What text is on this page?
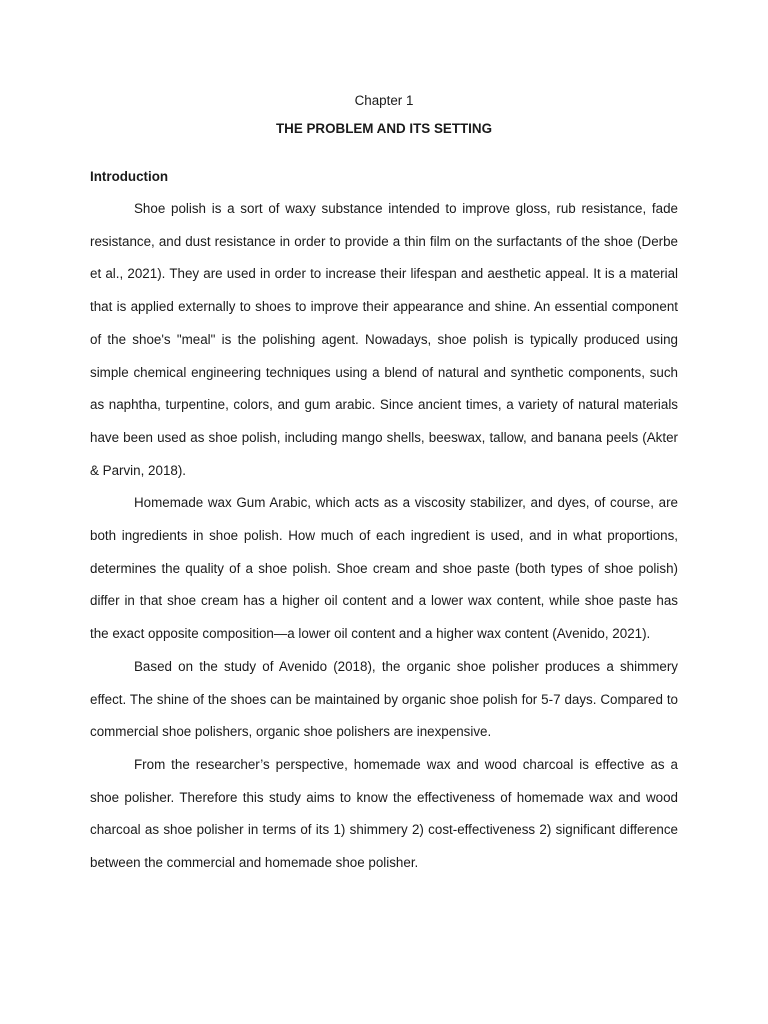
Chapter 1

THE PROBLEM AND ITS SETTING

Introduction

Shoe polish is a sort of waxy substance intended to improve gloss, rub resistance, fade resistance, and dust resistance in order to provide a thin film on the surfactants of the shoe (Derbe et al., 2021). They are used in order to increase their lifespan and aesthetic appeal. It is a material that is applied externally to shoes to improve their appearance and shine. An essential component of the shoe's "meal" is the polishing agent. Nowadays, shoe polish is typically produced using simple chemical engineering techniques using a blend of natural and synthetic components, such as naphtha, turpentine, colors, and gum arabic. Since ancient times, a variety of natural materials have been used as shoe polish, including mango shells, beeswax, tallow, and banana peels (Akter & Parvin, 2018).

Homemade wax Gum Arabic, which acts as a viscosity stabilizer, and dyes, of course, are both ingredients in shoe polish. How much of each ingredient is used, and in what proportions, determines the quality of a shoe polish. Shoe cream and shoe paste (both types of shoe polish) differ in that shoe cream has a higher oil content and a lower wax content, while shoe paste has the exact opposite composition—a lower oil content and a higher wax content (Avenido, 2021).

Based on the study of Avenido (2018), the organic shoe polisher produces a shimmery effect. The shine of the shoes can be maintained by organic shoe polish for 5-7 days. Compared to commercial shoe polishers, organic shoe polishers are inexpensive.

From the researcher’s perspective, homemade wax and wood charcoal is effective as a shoe polisher. Therefore this study aims to know the effectiveness of homemade wax and wood charcoal as shoe polisher in terms of its 1) shimmery 2) cost-effectiveness 2) significant difference between the commercial and homemade shoe polisher.
